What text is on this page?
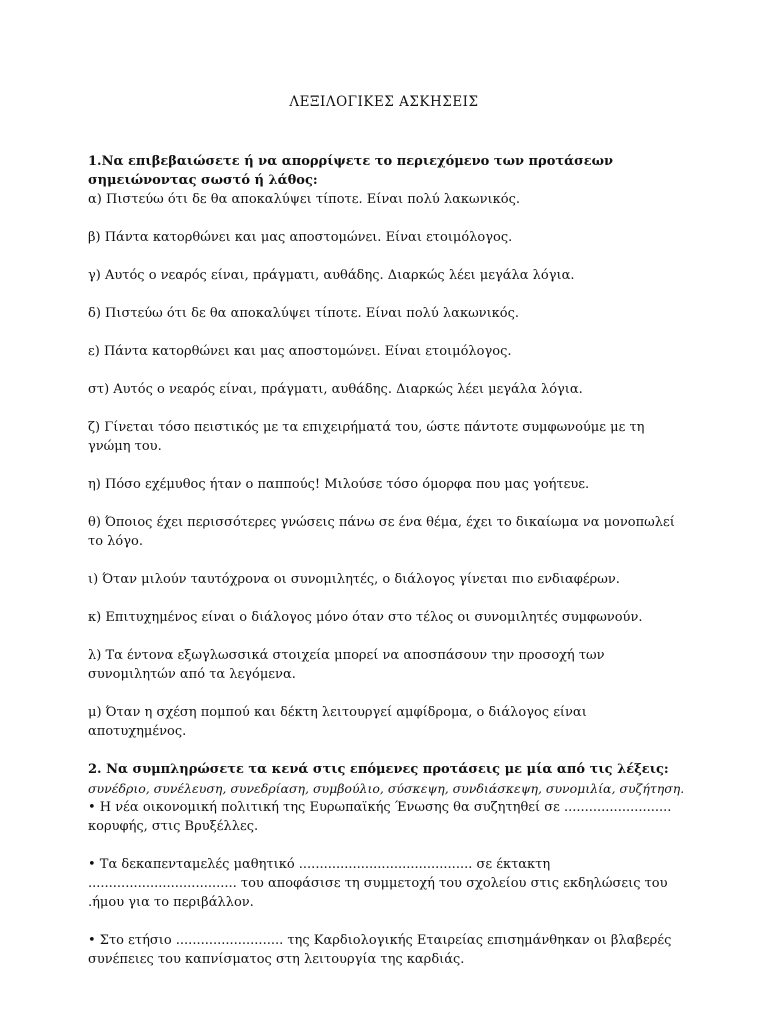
ΛΕΞΙΛΟΓΙΚΕΣ ΑΣΚΗΣΕΙΣ

1.Να επιβεβαιώσετε ή να απορρίψετε το περιεχόμενο των προτάσεων σημειώνοντας σωστό ή λάθος:

α) Πιστεύω ότι δε θα αποκαλύψει τίποτε. Είναι πολύ λακωνικός.

β) Πάντα κατορθώνει και μας αποστομώνει. Είναι ετοιμόλογος.

γ) Αυτός ο νεαρός είναι, πράγματι, αυθάδης. Διαρκώς λέει μεγάλα λόγια.

δ) Πιστεύω ότι δε θα αποκαλύψει τίποτε. Είναι πολύ λακωνικός.

ε) Πάντα κατορθώνει και μας αποστομώνει. Είναι ετοιμόλογος.

στ) Αυτός ο νεαρός είναι, πράγματι, αυθάδης. Διαρκώς λέει μεγάλα λόγια.

ζ) Γίνεται τόσο πειστικός με τα επιχειρήματά του, ώστε πάντοτε συμφωνούμε με τη γνώμη του.

η) Πόσο εχέμυθος ήταν ο παππούς! Μιλούσε τόσο όμορφα που μας γοήτευε.

θ) Όποιος έχει περισσότερες γνώσεις πάνω σε ένα θέμα, έχει το δικαίωμα να μονοπωλεί το λόγο.

ι) Όταν μιλούν ταυτόχρονα οι συνομιλητές, ο διάλογος γίνεται πιο ενδιαφέρων.

κ) Επιτυχημένος είναι ο διάλογος μόνο όταν στο τέλος οι συνομιλητές συμφωνούν.

λ) Τα έντονα εξωγλωσσικά στοιχεία μπορεί να αποσπάσουν την προσοχή των συνομιλητών από τα λεγόμενα.

μ) Όταν η σχέση πομπού και δέκτη λειτουργεί αμφίδρομα, ο διάλογος είναι αποτυχημένος.

2. Να συμπληρώσετε τα κενά στις επόμενες προτάσεις με μία από τις λέξεις:

συνέδριο, συνέλευση, συνεδρίαση, συμβούλιο, σύσκεψη, συνδιάσκεψη, συνομιλία, συζήτηση.

• Η νέα οικονομική πολιτική της Ευρωπαϊκής Ένωσης θα συζητηθεί σε .......................... κορυφής, στις Βρυξέλλες.

• Τα δεκαπενταμελές μαθητικό .......................................... σε έκτακτη .................................... του αποφάσισε τη συμμετοχή του σχολείου στις εκδηλώσεις του .ήμου για το περιβάλλον.

• Στο ετήσιο .......................... της Καρδιολογικής Εταιρείας επισημάνθηκαν οι βλαβερές συνέπειες του καπνίσματος στη λειτουργία της καρδιάς.
